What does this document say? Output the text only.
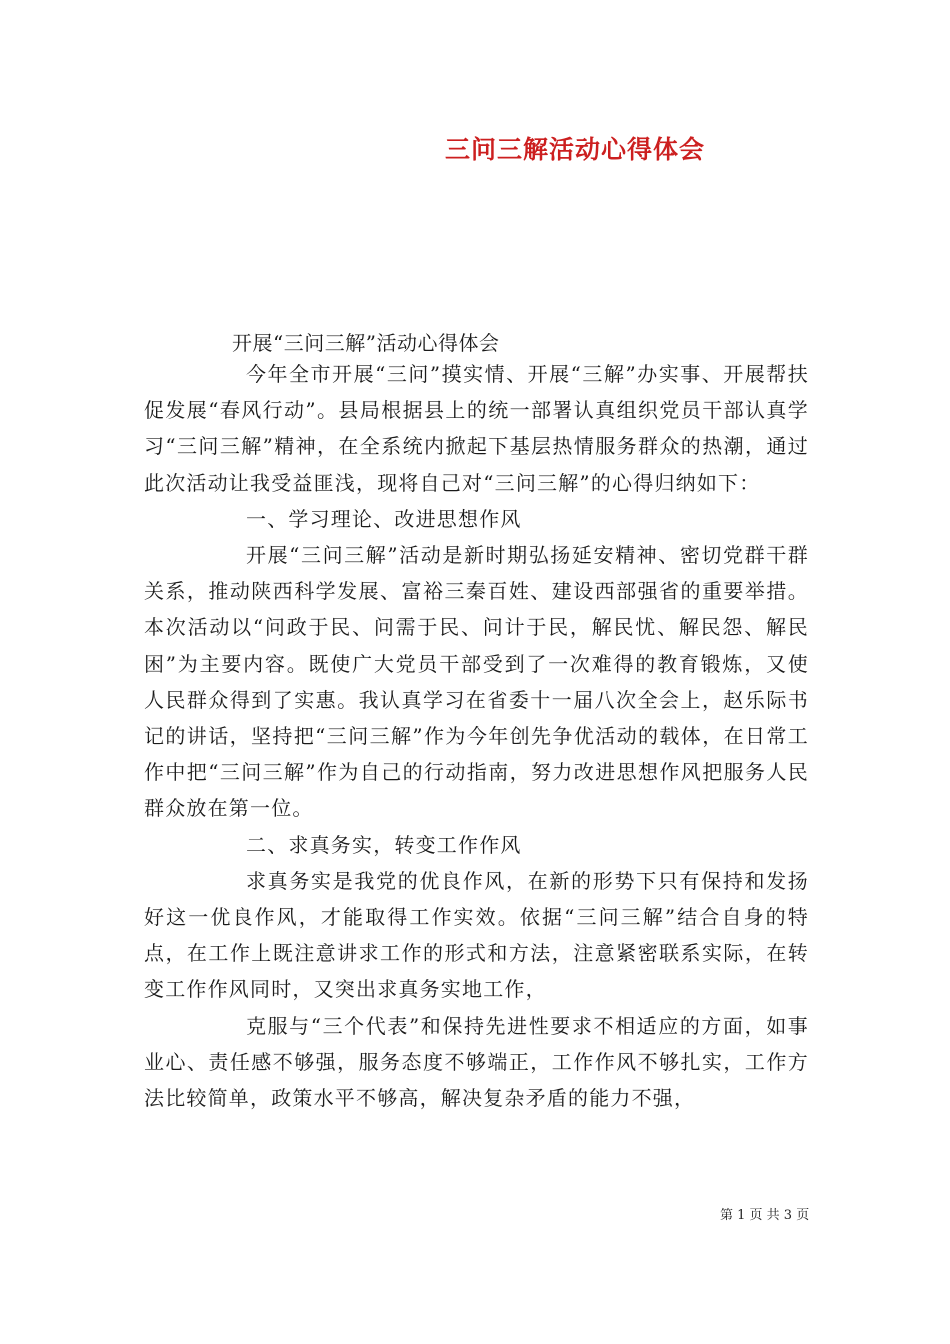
三问三解活动心得体会
开展“三问三解”活动心得体会

今年全市开展“三问”摸实情、开展“三解”办实事、开展帮扶促发展“春风行动”。县局根据县上的统一部署认真组织党员干部认真学习“三问三解”精神，在全系统内掀起下基层热情服务群众的热潮，通过此次活动让我受益匪浅，现将自己对“三问三解”的心得归纳如下：

一、学习理论、改进思想作风

开展“三问三解”活动是新时期弘扬延安精神、密切党群干群关系，推动陕西科学发展、富裕三秦百姓、建设西部强省的重要举措。本次活动以“问政于民、问需于民、问计于民，解民忧、解民怨、解民困”为主要内容。既使广大党员干部受到了一次难得的教育锻炼，又使人民群众得到了实惠。我认真学习在省委十一届八次全会上，赵乐际书记的讲话，坚持把“三问三解”作为今年创先争优活动的载体，在日常工作中把“三问三解”作为自己的行动指南，努力改进思想作风把服务人民群众放在第一位。

二、求真务实，转变工作作风

求真务实是我党的优良作风，在新的形势下只有保持和发扬好这一优良作风，才能取得工作实效。依据“三问三解”结合自身的特点，在工作上既注意讲求工作的形式和方法，注意紧密联系实际，在转变工作作风同时，又突出求真务实地工作，

克服与“三个代表”和保持先进性要求不相适应的方面，如事业心、责任感不够强，服务态度不够端正，工作作风不够扎实，工作方法比较简单，政策水平不够高，解决复杂矛盾的能力不强，

第 1 页 共 3 页
